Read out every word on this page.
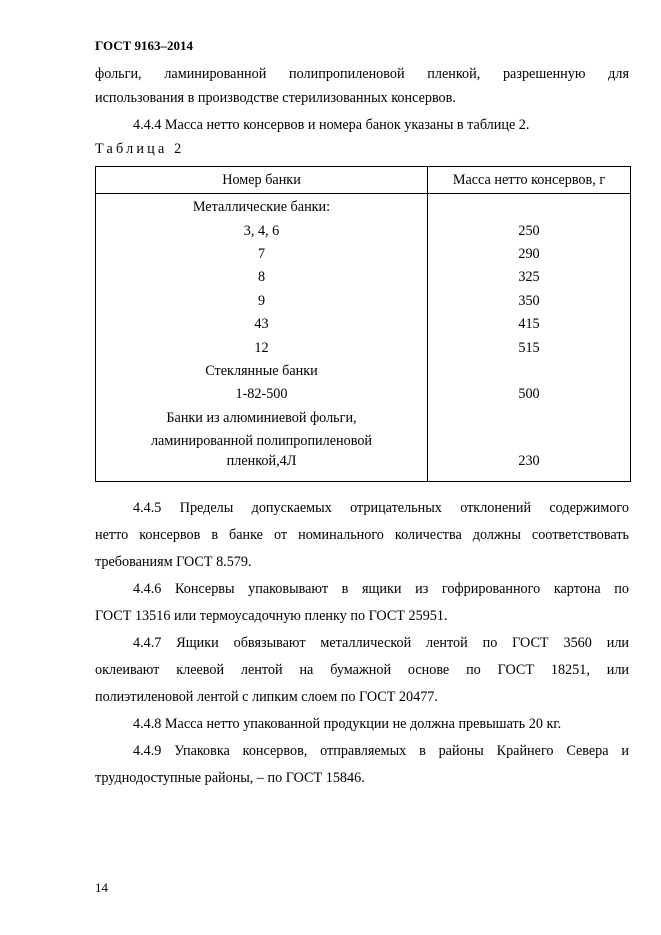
ГОСТ 9163–2014
фольги, ламинированной полипропиленовой пленкой, разрешенную для
использования в производстве стерилизованных консервов.
4.4.4 Масса нетто консервов и номера банок указаны в таблице 2.
Таблица 2
Номер банки	Масса нетто консервов, г
Металлические банки:	
3, 4, 6	250
7	290
8	325
9	350
43	415
12	515
Стеклянные банки	
1-82-500	500
Банки из алюминиевой фольги,	
ламинированной полипропиленовой	
пленкой,4Л	230
4.4.5 Пределы допускаемых отрицательных отклонений содержимого
нетто консервов в банке от номинального количества должны соответствовать
требованиям ГОСТ 8.579.
4.4.6 Консервы упаковывают в ящики из гофрированного картона по
ГОСТ 13516 или термоусадочную пленку по ГОСТ 25951.
4.4.7 Ящики обвязывают металлической лентой по ГОСТ 3560 или
оклеивают клеевой лентой на бумажной основе по ГОСТ 18251, или
полиэтиленовой лентой с липким слоем по ГОСТ 20477.
4.4.8 Масса нетто упакованной продукции не должна превышать 20 кг.
4.4.9 Упаковка консервов, отправляемых в районы Крайнего Севера и
труднодоступные районы, – по ГОСТ 15846.
14
